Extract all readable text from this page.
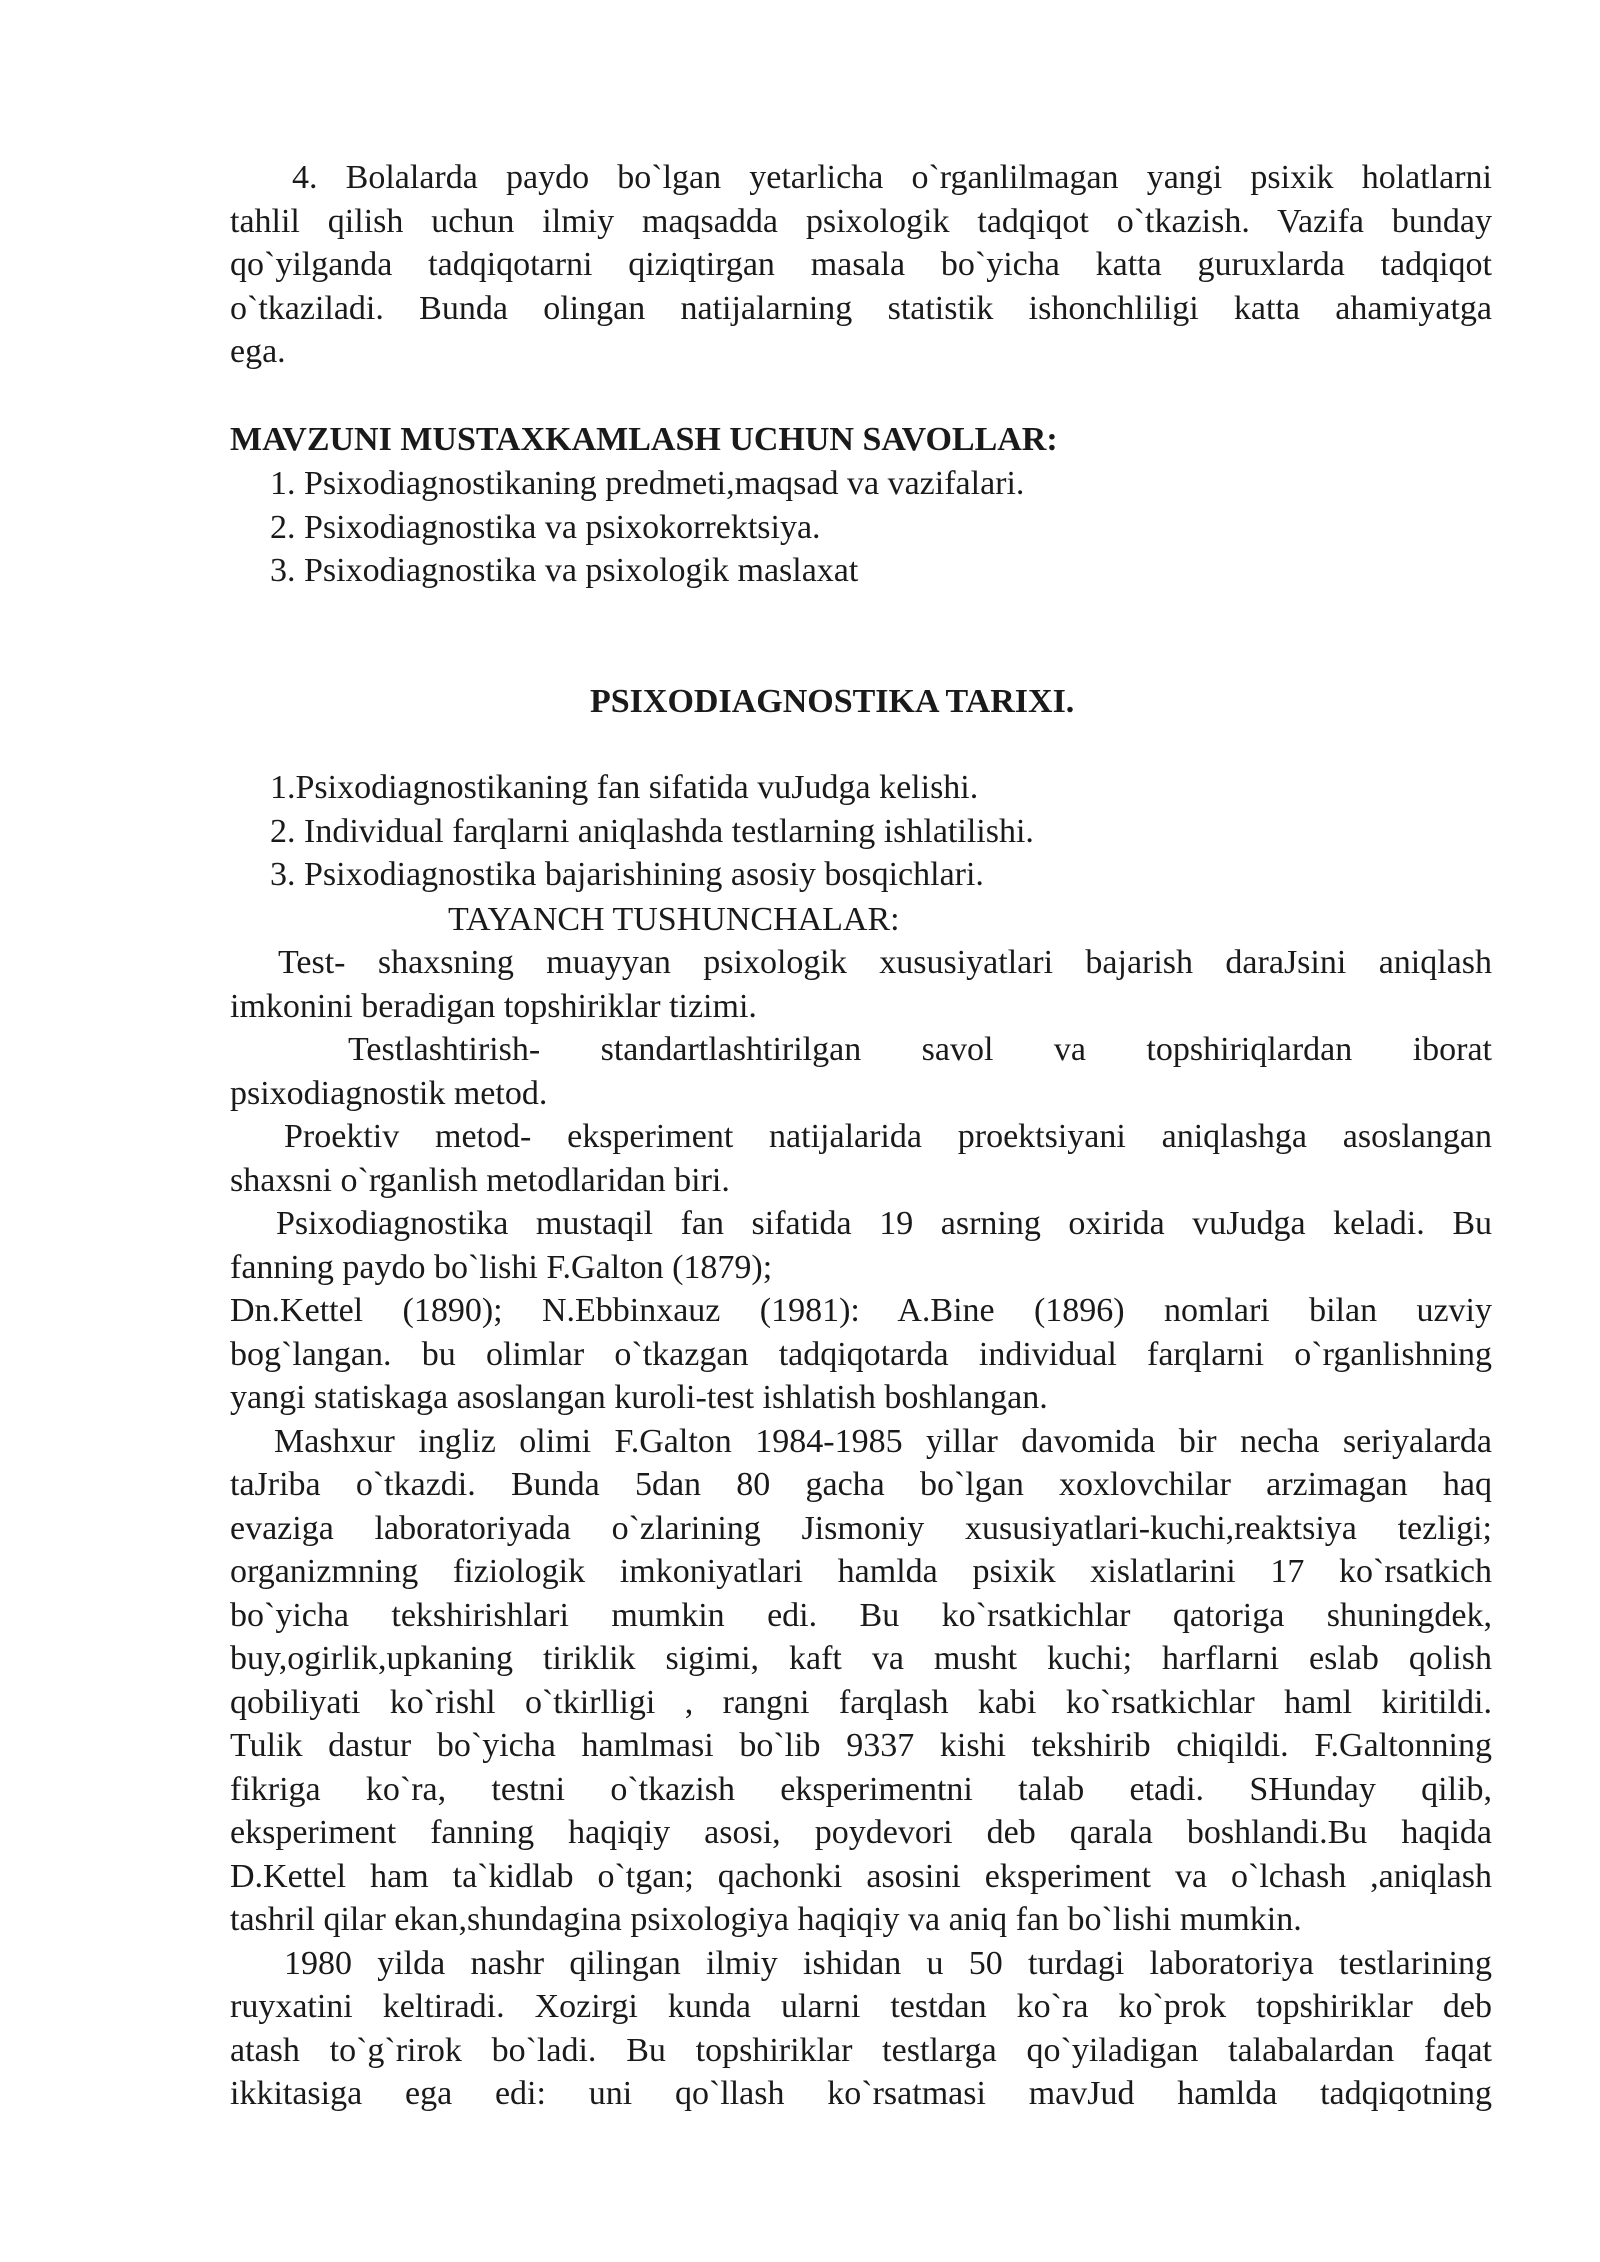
4. Bolalarda paydo bo`lgan yetarlicha o`rganlilmagan yangi psixik holatlarni
tahlil qilish uchun ilmiy maqsadda psixologik tadqiqot o`tkazish. Vazifa bunday
qo`yilganda tadqiqotarni qiziqtirgan masala bo`yicha katta guruxlarda tadqiqot
o`tkaziladi. Bunda olingan natijalarning statistik ishonchliligi katta ahamiyatga
ega.
MAVZUNI MUSTAXKAMLASH UCHUN SAVOLLAR:
1. Psixodiagnostikaning predmeti,maqsad va vazifalari.
2. Psixodiagnostika va psixokorrektsiya.
3. Psixodiagnostika va psixologik maslaxat
PSIXODIAGNOSTIKA TARIXI.
1.Psixodiagnostikaning fan sifatida vuJudga kelishi.
2. Individual farqlarni aniqlashda testlarning ishlatilishi.
3. Psixodiagnostika bajarishining asosiy bosqichlari.
TAYANCH TUSHUNCHALAR:
Test- shaxsning muayyan psixologik xususiyatlari bajarish daraJsini aniqlash
imkonini beradigan topshiriklar tizimi.
Testlashtirish- standartlashtirilgan savol va topshiriqlardan iborat
psixodiagnostik metod.
Proektiv metod- eksperiment natijalarida proektsiyani aniqlashga asoslangan
shaxsni o`rganlish metodlaridan biri.
Psixodiagnostika mustaqil fan sifatida 19 asrning oxirida vuJudga keladi. Bu
fanning paydo bo`lishi F.Galton (1879);
Dn.Kettel (1890); N.Ebbinxauz (1981): A.Bine (1896) nomlari bilan uzviy
bog`langan. bu olimlar o`tkazgan tadqiqotarda individual farqlarni o`rganlishning
yangi statiskaga asoslangan kuroli-test ishlatish boshlangan.
Mashxur ingliz olimi F.Galton 1984-1985 yillar davomida bir necha seriyalarda
taJriba o`tkazdi. Bunda 5dan 80 gacha bo`lgan xoxlovchilar arzimagan haq
evaziga laboratoriyada o`zlarining Jismoniy xususiyatlari-kuchi,reaktsiya tezligi;
organizmning fiziologik imkoniyatlari hamlda psixik xislatlarini 17 ko`rsatkich
bo`yicha tekshirishlari mumkin edi. Bu ko`rsatkichlar qatoriga shuningdek,
buy,ogirlik,upkaning tiriklik sigimi, kaft va musht kuchi; harflarni eslab qolish
qobiliyati ko`rishl o`tkirlligi , rangni farqlash kabi ko`rsatkichlar haml kiritildi.
Tulik dastur bo`yicha hamlmasi bo`lib 9337 kishi tekshirib chiqildi. F.Galtonning
fikriga ko`ra, testni o`tkazish eksperimentni talab etadi. SHunday qilib,
eksperiment fanning haqiqiy asosi, poydevori deb qarala boshlandi.Bu haqida
D.Kettel ham ta`kidlab o`tgan; qachonki asosini eksperiment va o`lchash ,aniqlash
tashril qilar ekan,shundagina psixologiya haqiqiy va aniq fan bo`lishi mumkin.
1980 yilda nashr qilingan ilmiy ishidan u 50 turdagi laboratoriya testlarining
ruyxatini keltiradi. Xozirgi kunda ularni testdan ko`ra ko`prok topshiriklar deb
atash to`g`rirok bo`ladi. Bu topshiriklar testlarga qo`yiladigan talabalardan faqat
ikkitasiga ega edi: uni qo`llash ko`rsatmasi mavJud hamlda tadqiqotning
